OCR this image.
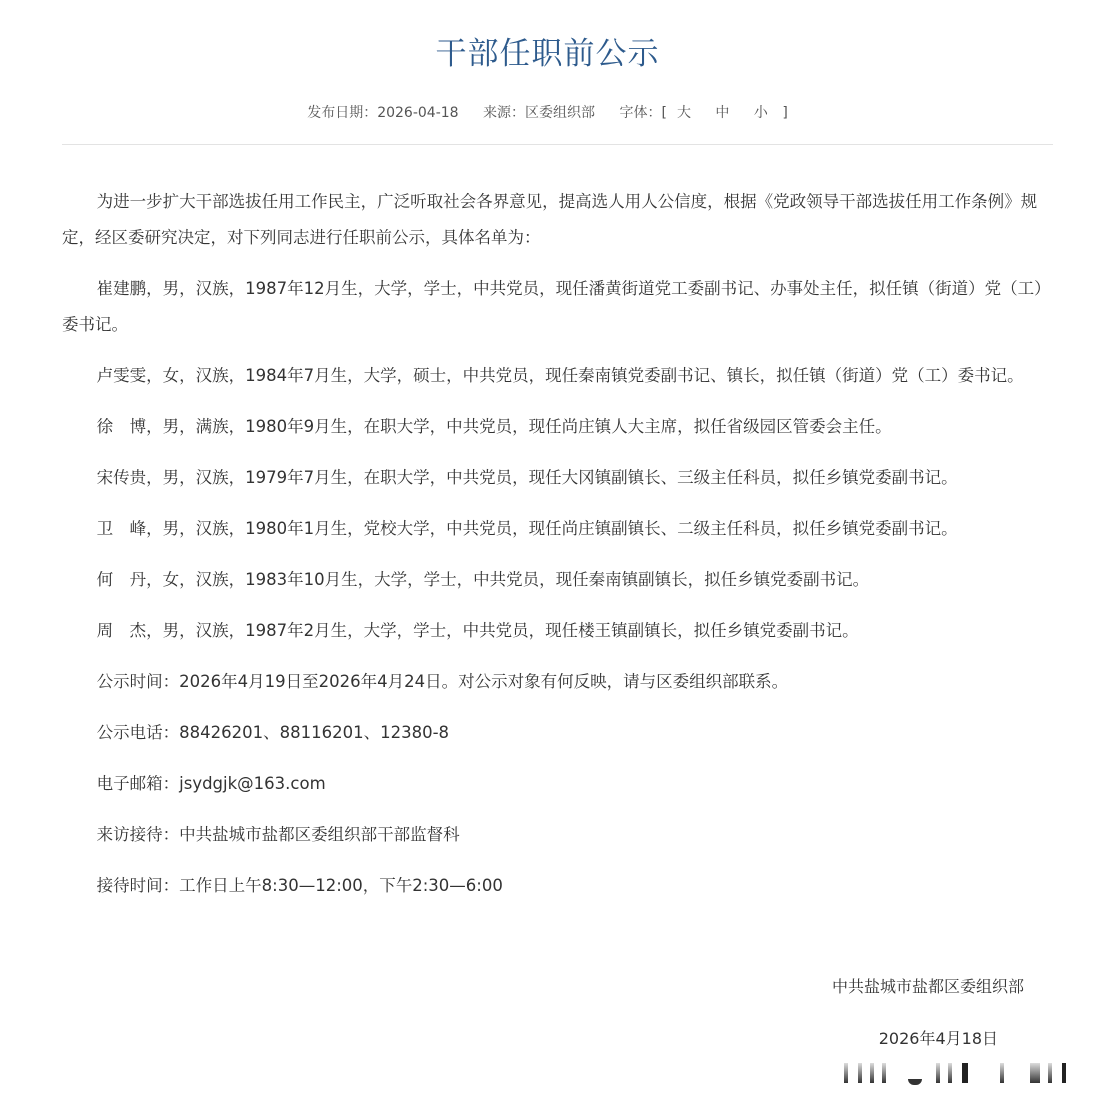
干部任职前公示
发布日期：2026-04-18 来源：区委组织部 字体：[ 大 中 小 ]

为进一步扩大干部选拔任用工作民主，广泛听取社会各界意见，提高选人用人公信度，根据《党政领导干部选拔任用工作条例》规定，经区委研究决定，对下列同志进行任职前公示，具体名单为：

崔建鹏，男，汉族，1987年12月生，大学，学士，中共党员，现任潘黄街道党工委副书记、办事处主任，拟任镇（街道）党（工）委书记。

卢雯雯，女，汉族，1984年7月生，大学，硕士，中共党员，现任秦南镇党委副书记、镇长，拟任镇（街道）党（工）委书记。

徐　博，男，满族，1980年9月生，在职大学，中共党员，现任尚庄镇人大主席，拟任省级园区管委会主任。

宋传贵，男，汉族，1979年7月生，在职大学，中共党员，现任大冈镇副镇长、三级主任科员，拟任乡镇党委副书记。

卫　峰，男，汉族，1980年1月生，党校大学，中共党员，现任尚庄镇副镇长、二级主任科员，拟任乡镇党委副书记。

何　丹，女，汉族，1983年10月生，大学，学士，中共党员，现任秦南镇副镇长，拟任乡镇党委副书记。

周　杰，男，汉族，1987年2月生，大学，学士，中共党员，现任楼王镇副镇长，拟任乡镇党委副书记。

公示时间：2026年4月19日至2026年4月24日。对公示对象有何反映，请与区委组织部联系。

公示电话：88426201、88116201、12380-8

电子邮箱：jsydgjk@163.com

来访接待：中共盐城市盐都区委组织部干部监督科

接待时间：工作日上午8:30—12:00，下午2:30—6:00

中共盐城市盐都区委组织部
2026年4月18日
